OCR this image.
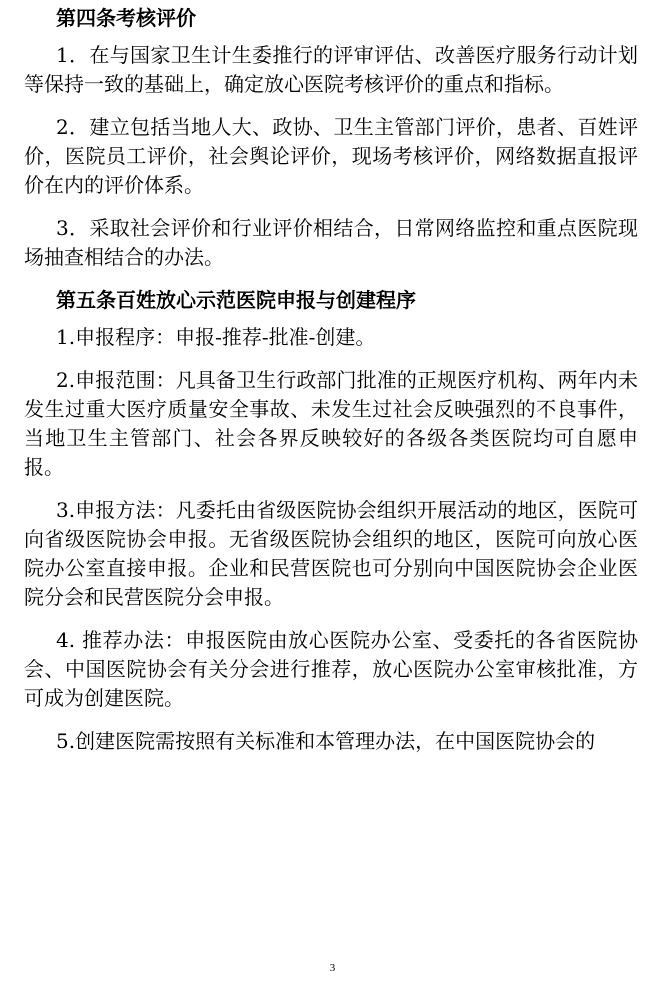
第四条考核评价

1．在与国家卫生计生委推行的评审评估、改善医疗服务行动计划等保持一致的基础上，确定放心医院考核评价的重点和指标。

2．建立包括当地人大、政协、卫生主管部门评价，患者、百姓评价，医院员工评价，社会舆论评价，现场考核评价，网络数据直报评价在内的评价体系。

3．采取社会评价和行业评价相结合，日常网络监控和重点医院现场抽查相结合的办法。

第五条百姓放心示范医院申报与创建程序

1.申报程序：申报-推荐-批准-创建。

2.申报范围：凡具备卫生行政部门批准的正规医疗机构、两年内未发生过重大医疗质量安全事故、未发生过社会反映强烈的不良事件，当地卫生主管部门、社会各界反映较好的各级各类医院均可自愿申报。

3.申报方法：凡委托由省级医院协会组织开展活动的地区，医院可向省级医院协会申报。无省级医院协会组织的地区，医院可向放心医院办公室直接申报。企业和民营医院也可分别向中国医院协会企业医院分会和民营医院分会申报。

4. 推荐办法：申报医院由放心医院办公室、受委托的各省医院协会、中国医院协会有关分会进行推荐，放心医院办公室审核批准，方可成为创建医院。

5.创建医院需按照有关标准和本管理办法，在中国医院协会的

3
